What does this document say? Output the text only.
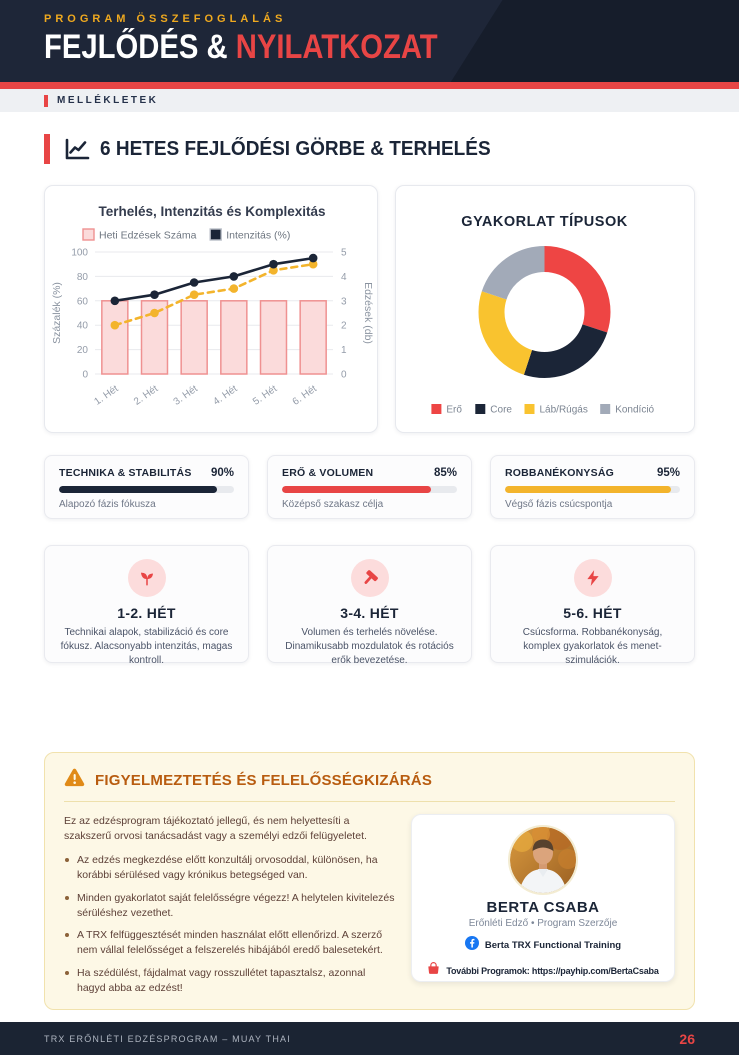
PROGRAM ÖSSZEFOGLALÁS
FEJLŐDÉS & NYILATKOZAT
MELLÉKLETEK
6 HETES FEJLŐDÉSI GÖRBE & TERHELÉS
Terhelés, Intenzitás és Komplexitás
Heti Edzések Száma	Intenzitás (%)
0
20
40
60
80
100
0
1
2
3
4
5
Százalék (%)	Edzések (db)
1. Hét 2. Hét 3. Hét 4. Hét 5. Hét 6. Hét
GYAKORLAT TÍPUSOK
Erő	Core	Láb/Rúgás	Kondíció
TECHNIKA & STABILITÁS 90%
Alapozó fázis fókusza
ERŐ & VOLUMEN	85%
Középső szakasz célja
ROBBANÉKONYSÁG	95%
Végső fázis csúcspontja
1-2. HÉT
Technikai alapok, stabilizáció és core fókusz. Alacsonyabb intenzitás, magas kontroll.
3-4. HÉT
Volumen és terhelés növelése. Dinamikusabb mozdulatok és rotációs erők bevezetése.
5-6. HÉT
Csúcsforma. Robbanékonyság, komplex gyakorlatok és menet-szimulációk.
FIGYELMEZTETÉS ÉS FELELŐSSÉGKIZÁRÁS

Ez az edzésprogram tájékoztató jellegű, és nem helyettesíti a szakszerű orvosi tanácsadást vagy a személyi edzői felügyeletet.

Az edzés megkezdése előtt konzultálj orvosoddal, különösen, ha korábbi sérülésed vagy krónikus betegséged van.
Minden gyakorlatot saját felelősségre végezz! A helytelen kivitelezés sérüléshez vezethet.
A TRX felfüggesztését minden használat előtt ellenőrizd. A szerző nem vállal felelősséget a felszerelés hibájából eredő balesetekért.
Ha szédülést, fájdalmat vagy rosszullétet tapasztalsz, azonnal hagyd abba az edzést!
BERTA CSABA
Erőnléti Edző • Program Szerzője
Berta TRX Functional Training
További Programok: https://payhip.com/BertaCsaba
TRX ERŐNLÉTI EDZÉSPROGRAM – MUAY THAI	26
